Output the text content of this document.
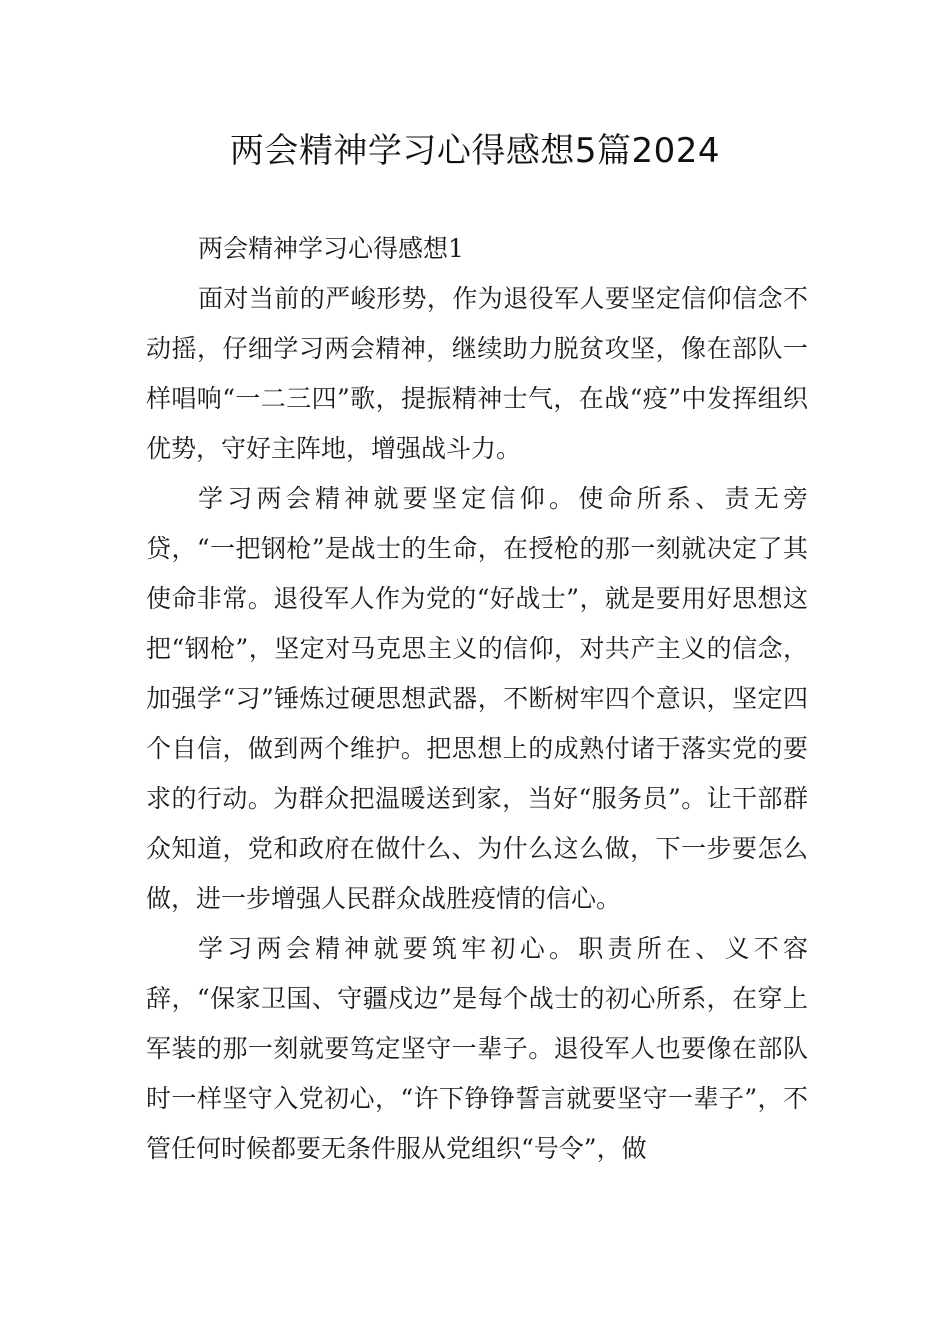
两会精神学习心得感想5篇2024

两会精神学习心得感想1

面对当前的严峻形势，作为退役军人要坚定信仰信念不动摇，仔细学习两会精神，继续助力脱贫攻坚，像在部队一样唱响“一二三四”歌，提振精神士气，在战“疫”中发挥组织优势，守好主阵地，增强战斗力。

学习两会精神就要坚定信仰。使命所系、责无旁贷，“一把钢枪”是战士的生命，在授枪的那一刻就决定了其使命非常。退役军人作为党的“好战士”，就是要用好思想这把“钢枪”，坚定对马克思主义的信仰，对共产主义的信念，加强学“习”锤炼过硬思想武器，不断树牢四个意识，坚定四个自信，做到两个维护。把思想上的成熟付诸于落实党的要求的行动。为群众把温暖送到家，当好“服务员”。让干部群众知道，党和政府在做什么、为什么这么做，下一步要怎么做，进一步增强人民群众战胜疫情的信心。

学习两会精神就要筑牢初心。职责所在、义不容辞，“保家卫国、守疆戍边”是每个战士的初心所系，在穿上军装的那一刻就要笃定坚守一辈子。退役军人也要像在部队时一样坚守入党初心，“许下铮铮誓言就要坚守一辈子”，不管任何时候都要无条件服从党组织“号令”，做
